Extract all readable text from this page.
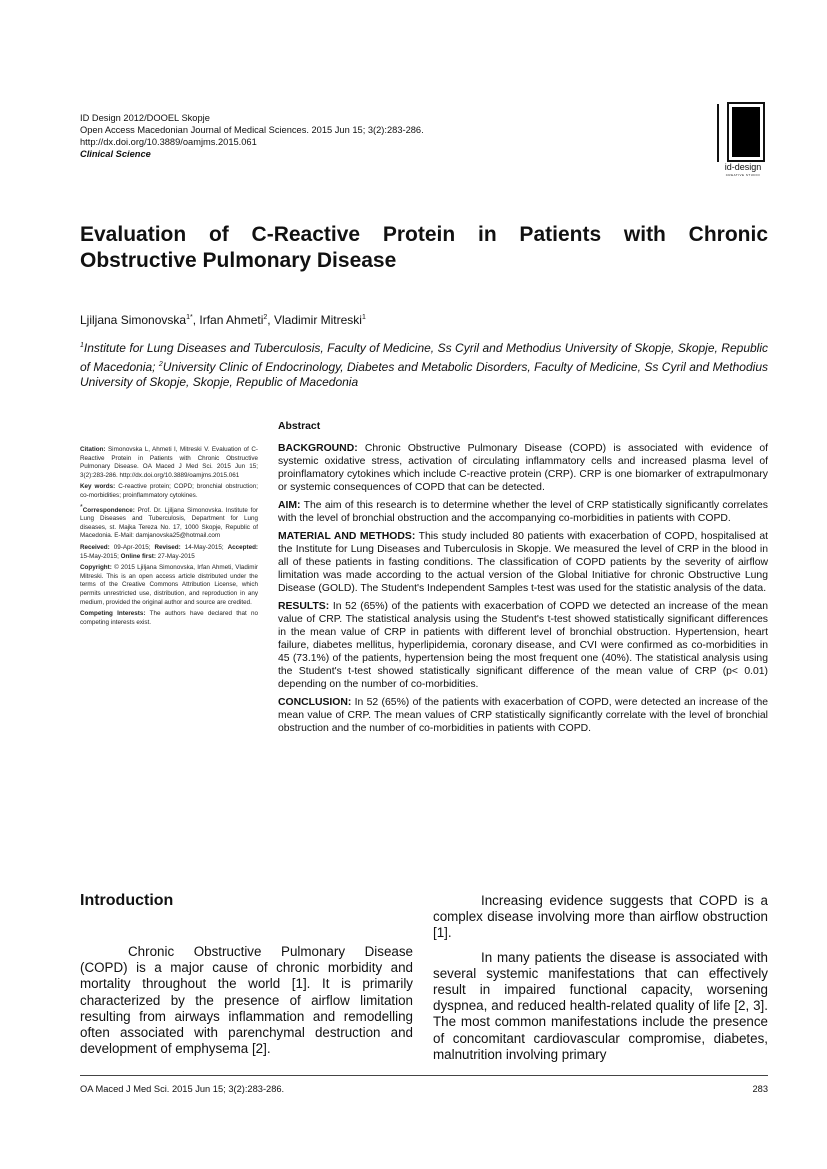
ID Design 2012/DOOEL Skopje
Open Access Macedonian Journal of Medical Sciences. 2015 Jun 15; 3(2):283-286.
http://dx.doi.org/10.3889/oamjms.2015.061
Clinical Science
id-design
CREATIVE STUDIO
Evaluation of C-Reactive Protein in Patients with Chronic Obstructive Pulmonary Disease
Ljiljana Simonovska$^{1*}$, Irfan Ahmeti$^2$, Vladimir Mitreski$^1$
$^1$Institute for Lung Diseases and Tuberculosis, Faculty of Medicine, Ss Cyril and Methodius University of Skopje, Skopje, Republic of Macedonia; $^2$University Clinic of Endocrinology, Diabetes and Metabolic Disorders, Faculty of Medicine, Ss Cyril and Methodius University of Skopje, Skopje, Republic of Macedonia

Citation: Simonovska L, Ahmeti I, Mitreski V. Evaluation of C-Reactive Protein in Patients with Chronic Obstructive Pulmonary Disease. OA Maced J Med Sci. 2015 Jun 15; 3(2):283-286. http://dx.doi.org/10.3889/oamjms.2015.061

Key words: C-reactive protein; COPD; bronchial obstruction; co-morbidities; proinflammatory cytokines.

*Correspondence: Prof. Dr. Ljiljana Simonovska. Institute for Lung Diseases and Tuberculosis, Department for Lung diseases, st. Majka Tereza No. 17, 1000 Skopje, Republic of Macedonia. E-Mail: damjanovska25@hotmail.com

Received: 09-Apr-2015; Revised: 14-May-2015; Accepted: 15-May-2015; Online first: 27-May-2015

Copyright: © 2015 Ljiljana Simonovska, Irfan Ahmeti, Vladimir Mitreski. This is an open access article distributed under the terms of the Creative Commons Attribution License, which permits unrestricted use, distribution, and reproduction in any medium, provided the original author and source are credited.

Competing Interests: The authors have declared that no competing interests exist.

Abstract

BACKGROUND: Chronic Obstructive Pulmonary Disease (COPD) is associated with evidence of systemic oxidative stress, activation of circulating inflammatory cells and increased plasma level of proinflamatory cytokines which include C-reactive protein (CRP). CRP is one biomarker of extrapulmonary or systemic consequences of COPD that can be detected.

AIM: The aim of this research is to determine whether the level of CRP statistically significantly correlates with the level of bronchial obstruction and the accompanying co-morbidities in patients with COPD.

MATERIAL AND METHODS: This study included 80 patients with exacerbation of COPD, hospitalised at the Institute for Lung Diseases and Tuberculosis in Skopje. We measured the level of CRP in the blood in all of these patients in fasting conditions. The classification of COPD patients by the severity of airflow limitation was made according to the actual version of the Global Initiative for chronic Obstructive Lung Disease (GOLD). The Student's Independent Samples t-test was used for the statistic analysis of the data.

RESULTS: In 52 (65%) of the patients with exacerbation of COPD we detected an increase of the mean value of CRP. The statistical analysis using the Student's t-test showed statistically significant differences in the mean value of CRP in patients with different level of bronchial obstruction. Hypertension, heart failure, diabetes mellitus, hyperlipidemia, coronary disease, and CVI were confirmed as co-morbidities in 45 (73.1%) of the patients, hypertension being the most frequent one (40%). The statistical analysis using the Student's t-test showed statistically significant difference of the mean value of CRP (p< 0.01) depending on the number of co-morbidities.

CONCLUSION: In 52 (65%) of the patients with exacerbation of COPD, were detected an increase of the mean value of CRP. The mean values of CRP statistically significantly correlate with the level of bronchial obstruction and the number of co-morbidities in patients with COPD.

Introduction

Chronic Obstructive Pulmonary Disease (COPD) is a major cause of chronic morbidity and mortality throughout the world [1]. It is primarily characterized by the presence of airflow limitation resulting from airways inflammation and remodelling often associated with parenchymal destruction and development of emphysema [2].

Increasing evidence suggests that COPD is a complex disease involving more than airflow obstruction [1].

In many patients the disease is associated with several systemic manifestations that can effectively result in impaired functional capacity, worsening dyspnea, and reduced health-related quality of life [2, 3]. The most common manifestations include the presence of concomitant cardiovascular compromise, diabetes, malnutrition involving primary

OA Maced J Med Sci. 2015 Jun 15; 3(2):283-286.	283
